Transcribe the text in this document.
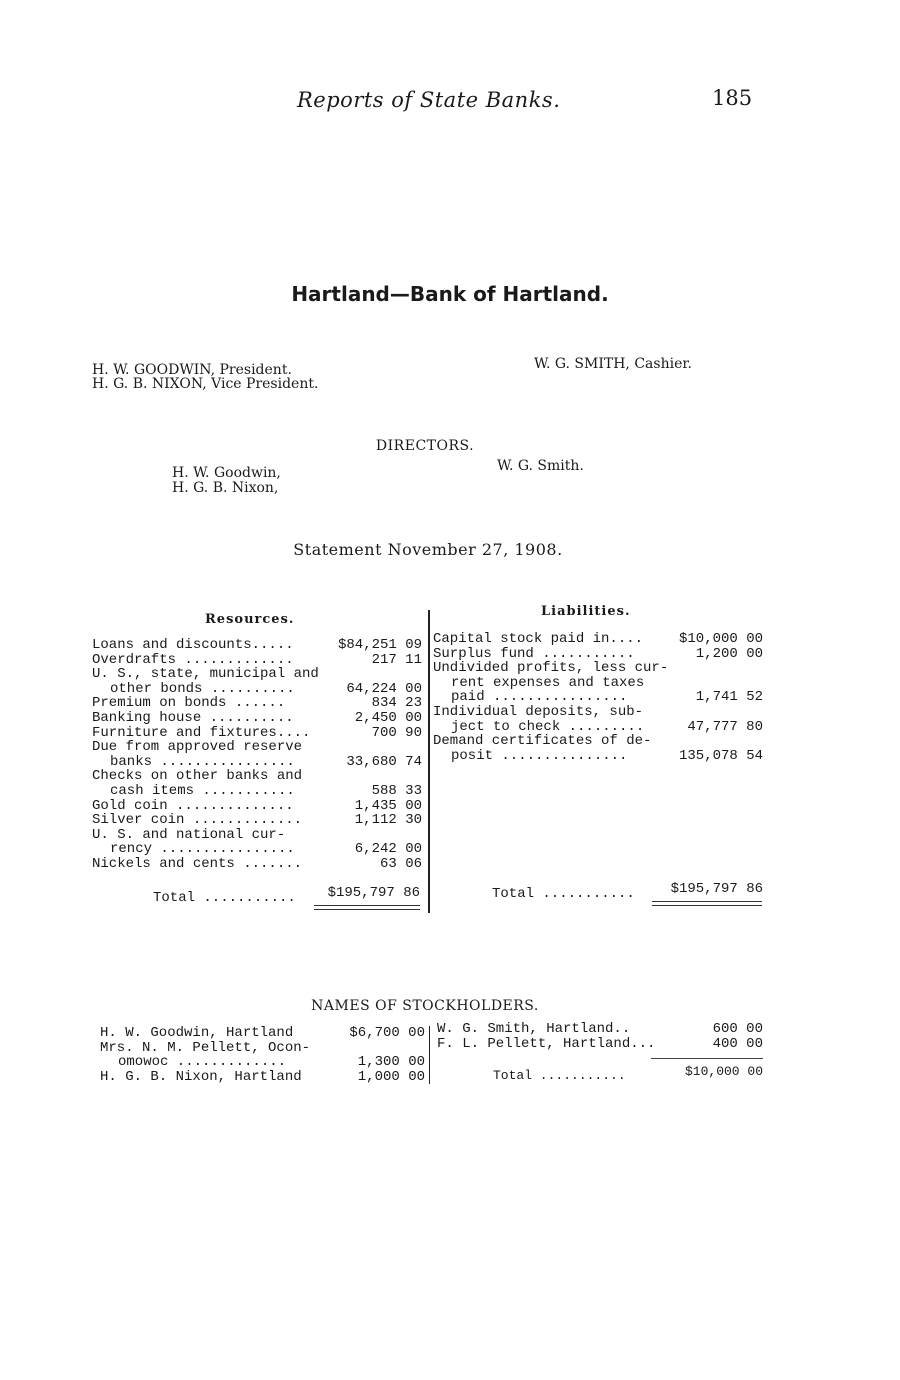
Reports of State Banks.	185
Hartland—Bank of Hartland.
H. W. GOODWIN, President.
H. G. B. NIXON, Vice President.
W. G. SMITH, Cashier.
DIRECTORS.
H. W. Goodwin,
H. G. B. Nixon,
W. G. Smith.
Statement November 27, 1908.
Resources.
Liabilities.
Loans and discounts.....	$84,251 09
Overdrafts .............	217 11
U. S., state, municipal and	
other bonds ..........	64,224 00
Premium on bonds ......	834 23
Banking house ..........	2,450 00
Furniture and fixtures....	700 90
Due from approved reserve	
banks ................	33,680 74
Checks on other banks and	
cash items ...........	588 33
Gold coin ..............	1,435 00
Silver coin .............	1,112 30
U. S. and national cur-	
rency ................	6,242 00
Nickels and cents .......	63 06
Capital stock paid in....	$10,000 00
Surplus fund ...........	1,200 00
Undivided profits, less cur-	
rent expenses and taxes	
paid ................	1,741 52
Individual deposits, sub-	
ject to check .........	47,777 80
Demand certificates of de-	
posit ...............	135,078 54
Total ...........	$195,797 86	Total ...........	$195,797 86
NAMES OF STOCKHOLDERS.
H. W. Goodwin, Hartland	$6,700 00
Mrs. N. M. Pellett, Ocon-	
omowoc .............	1,300 00
H. G. B. Nixon, Hartland	1,000 00
W. G. Smith, Hartland..	600 00
F. L. Pellett, Hartland...	400 00
Total ...........	$10,000 00
